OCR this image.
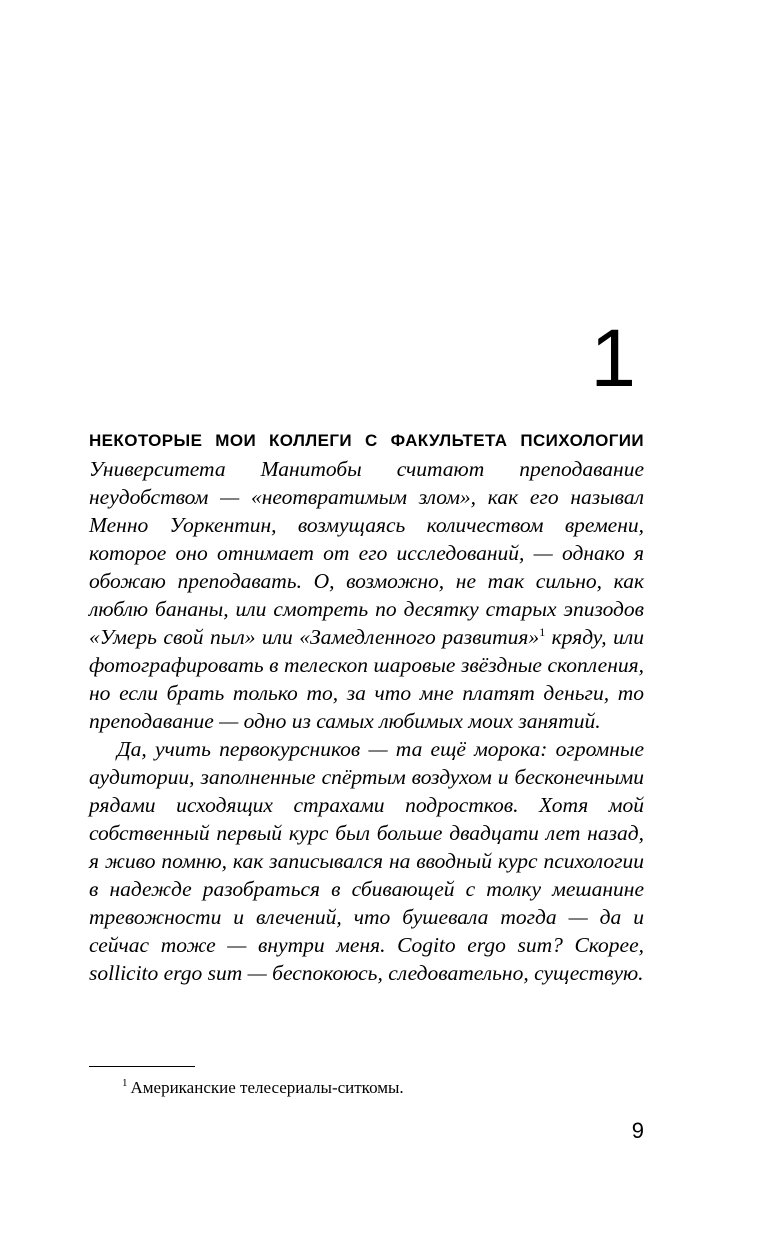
1

НЕКОТОРЫЕ МОИ КОЛЛЕГИ С ФАКУЛЬТЕТА ПСИХОЛОГИИ Университета Манитобы считают преподавание неудобством — «неотвратимым злом», как его называл Менно Уоркентин, возмущаясь количеством времени, которое оно отнимает от его исследований, — однако я обожаю преподавать. О, возможно, не так сильно, как люблю бананы, или смотреть по десятку старых эпизодов «Умерь свой пыл» или «Замедленного развития»$^1$ кряду, или фотографировать в телескоп шаровые звёздные скопления, но если брать только то, за что мне платят деньги, то преподавание — одно из самых любимых моих занятий.

Да, учить первокурсников — та ещё морока: огромные аудитории, заполненные спёртым воздухом и бесконечными рядами исходящих страхами подростков. Хотя мой собственный первый курс был больше двадцати лет назад, я живо помню, как записывался на вводный курс психологии в надежде разобраться в сбивающей с толку мешанине тревожности и влечений, что бушевала тогда — да и сейчас тоже — внутри меня. Cogito ergo sum? Скорее, sollicito ergo sum — беспокоюсь, следовательно, существую.

$^1$ Американские телесериалы-ситкомы.
9
